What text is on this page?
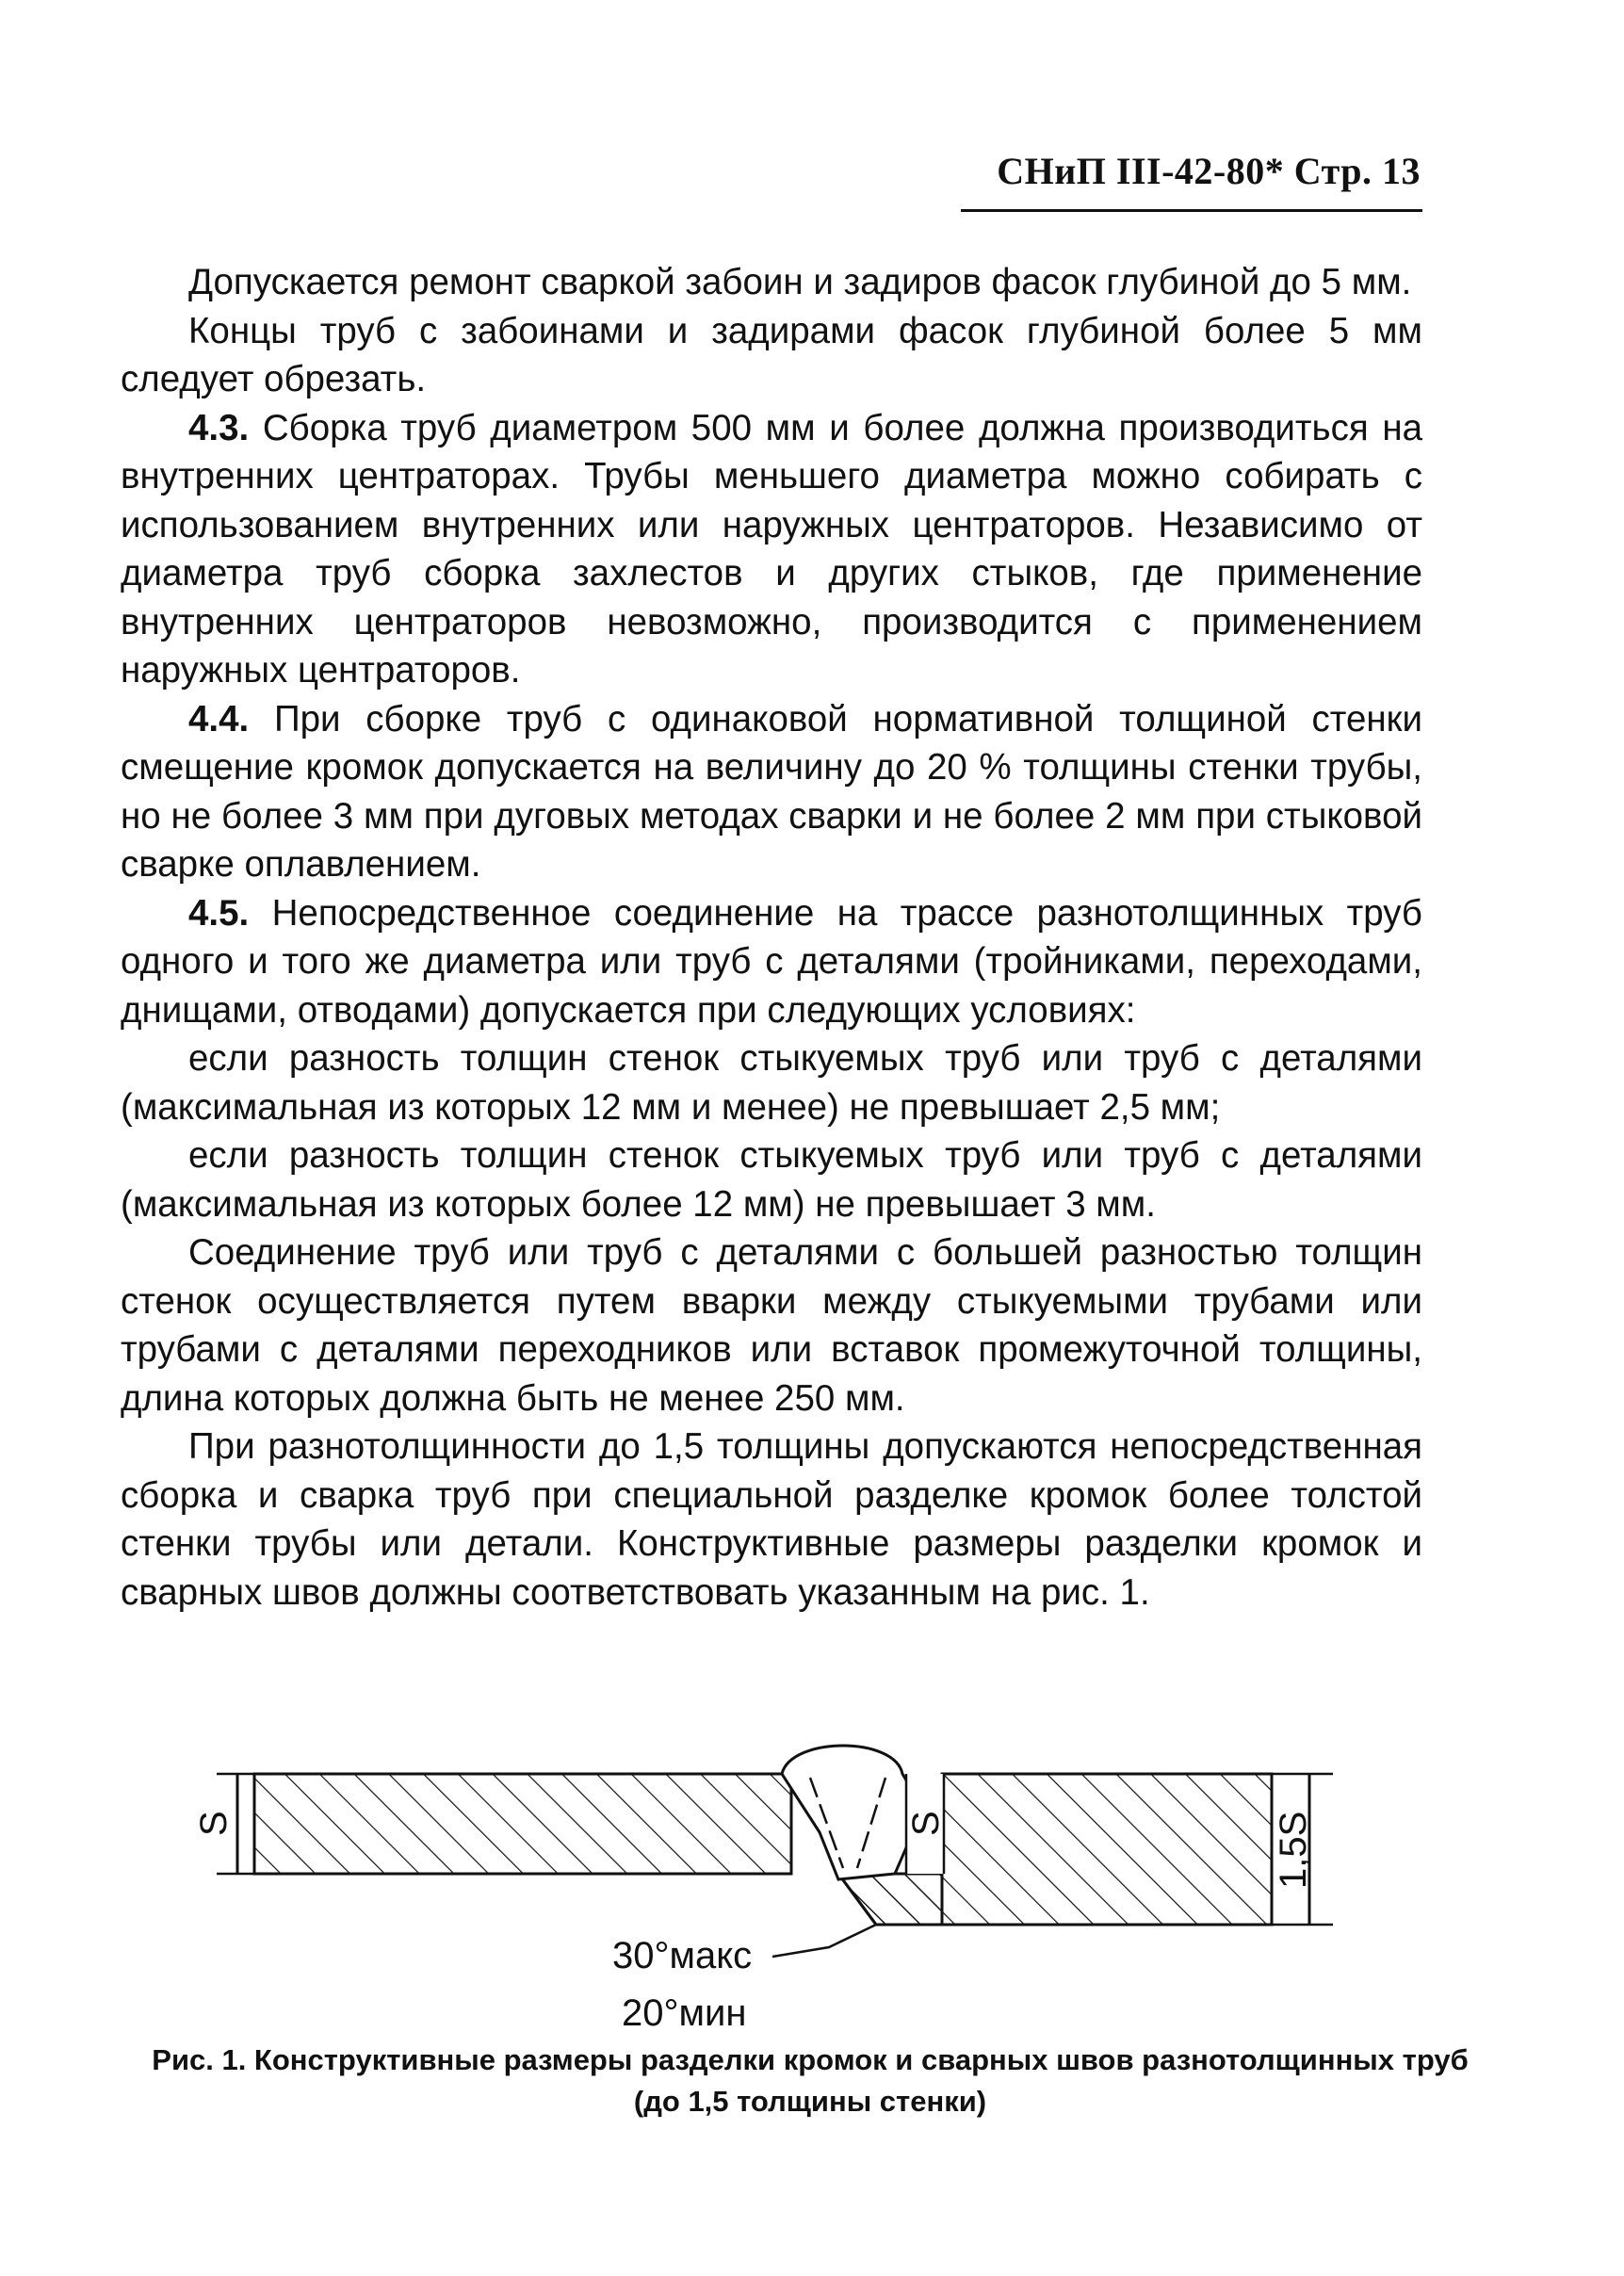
СНиП III-42-80* Стр. 13

Допускается ремонт сваркой забоин и задиров фасок глубиной до 5 мм.

Концы труб с забоинами и задирами фасок глубиной более 5 мм следует обрезать.

4.3. Сборка труб диаметром 500 мм и более должна производиться на внутренних центраторах. Трубы меньшего диаметра можно собирать с использованием внутренних или наружных центраторов. Независимо от диаметра труб сборка захлестов и других стыков, где применение внутренних центраторов невозможно, производится с применением наружных центраторов.

4.4. При сборке труб с одинаковой нормативной толщиной стенки смещение кромок допускается на величину до 20 % толщины стенки трубы, но не более 3 мм при дуговых методах сварки и не более 2 мм при стыковой сварке оплавлением.

4.5. Непосредственное соединение на трассе разнотолщинных труб одного и того же диаметра или труб с деталями (тройниками, переходами, днищами, отводами) допускается при следующих условиях:

если разность толщин стенок стыкуемых труб или труб с деталями (максимальная из которых 12 мм и менее) не превышает 2,5 мм;

если разность толщин стенок стыкуемых труб или труб с деталями (максимальная из которых более 12 мм) не превышает 3 мм.

Соединение труб или труб с деталями с большей разностью толщин стенок осуществляется путем вварки между стыкуемыми трубами или трубами с деталями переходников или вставок промежуточной толщины, длина которых должна быть не менее 250 мм.

При разнотолщинности до 1,5 толщины допускаются непосредственная сборка и сварка труб при специальной разделке кромок более толстой стенки трубы или детали. Конструктивные размеры разделки кромок и сварных швов должны соответствовать указанным на рис. 1.

S	S	1,5S
30°макс
20°мин
Рис. 1. Конструктивные размеры разделки кромок и сварных швов разнотолщинных труб (до 1,5 толщины стенки)
